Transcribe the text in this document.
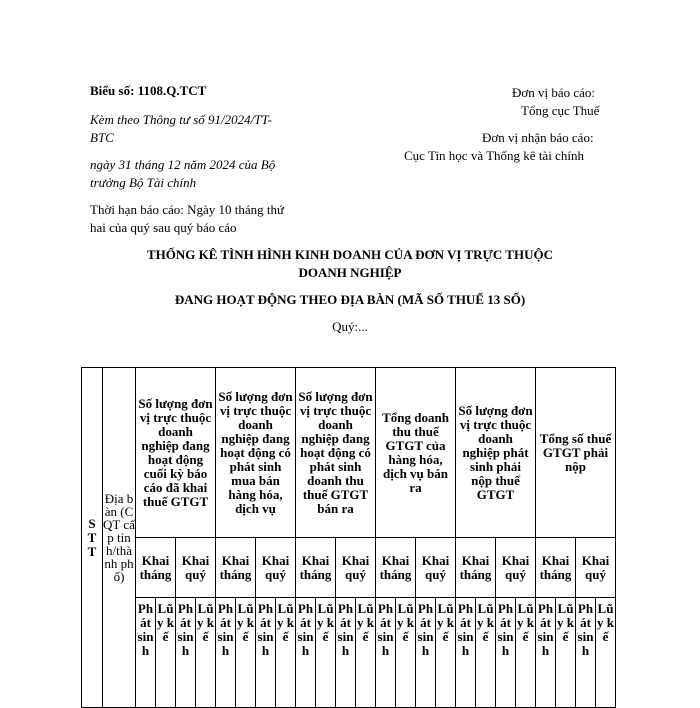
Biểu số: 1108.Q.TCT
Kèm theo Thông tư số 91/2024/TT-
BTC
ngày 31 tháng 12 năm 2024 của Bộ
trưởng Bộ Tài chính
Thời hạn báo cáo: Ngày 10 tháng thứ
hai của quý sau quý báo cáo
Đơn vị báo cáo:
Tổng cục Thuế
Đơn vị nhận báo cáo:
Cục Tin học và Thống kê tài chính
THỐNG KÊ TÌNH HÌNH KINH DOANH CỦA ĐƠN VỊ TRỰC THUỘC
DOANH NGHIỆP
ĐANG HOẠT ĐỘNG THEO ĐỊA BÀN (MÃ SỐ THUẾ 13 SỐ)
Quý:...
STT	Địa bàn (CQT cấp tỉnh/thành phố)	Số lượng đơn vị trực thuộc doanh nghiệp đang hoạt động cuối kỳ báo cáo đã khai thuế GTGT				Số lượng đơn vị trực thuộc doanh nghiệp đang hoạt động có phát sinh mua bán hàng hóa, dịch vụ				Số lượng đơn vị trực thuộc doanh nghiệp đang hoạt động có phát sinh doanh thu thuế GTGT bán ra				Tổng doanh thu thuế GTGT của hàng hóa, dịch vụ bán ra				Số lượng đơn vị trực thuộc doanh nghiệp phát sinh phải nộp thuế GTGT				Tổng số thuế GTGT phải nộp			
		Khai tháng		Khai quý		Khai tháng		Khai quý		Khai tháng		Khai quý		Khai tháng		Khai quý		Khai tháng		Khai quý		Khai tháng		Khai quý	
		Phát sinh	Lũy kế	Phát sinh	Lũy kế	Phát sinh	Lũy kế	Phát sinh	Lũy kế	Phát sinh	Lũy kế	Phát sinh	Lũy kế	Phát sinh	Lũy kế	Phát sinh	Lũy kế	Phát sinh	Lũy kế	Phát sinh	Lũy kế	Phát sinh	Lũy kế	Phát sinh	Lũy kế
